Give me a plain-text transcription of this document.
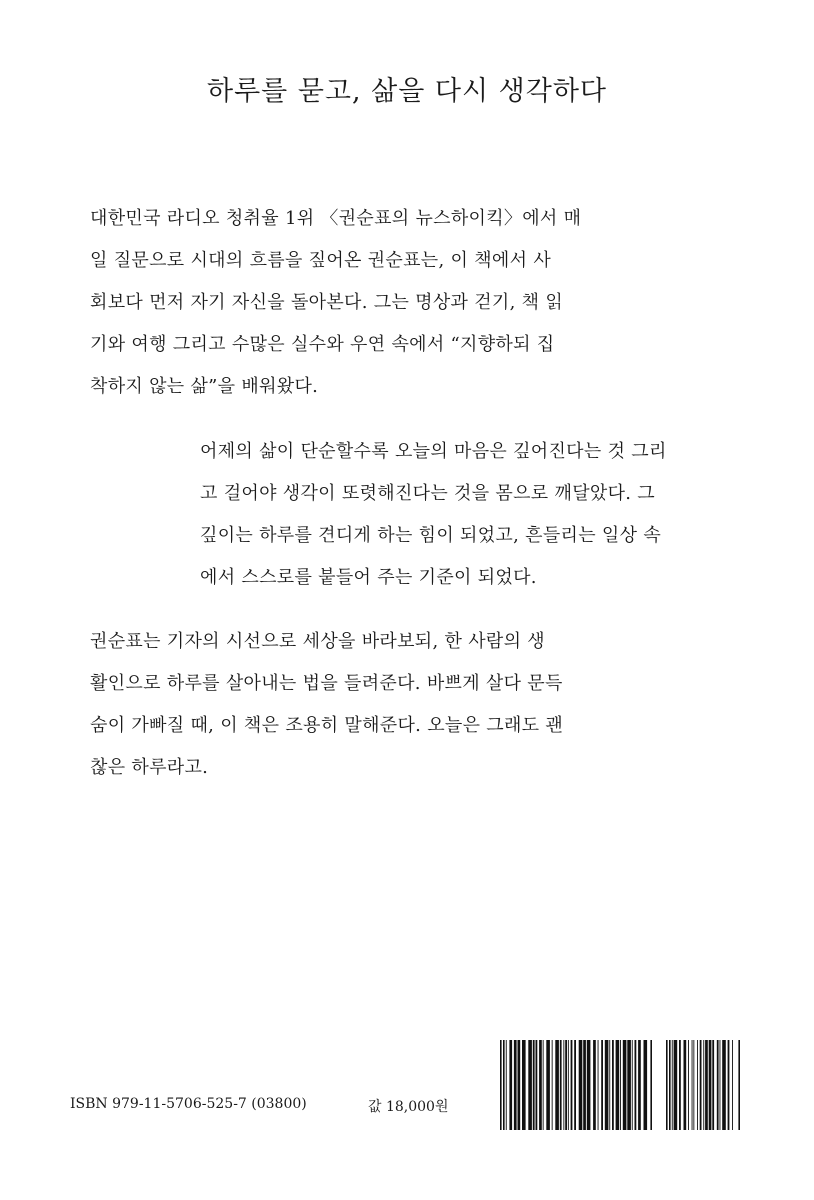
하루를 묻고, 삶을 다시 생각하다
대한민국 라디오 청취율 1위 〈권순표의 뉴스하이킥〉에서 매
일 질문으로 시대의 흐름을 짚어온 권순표는, 이 책에서 사
회보다 먼저 자기 자신을 돌아본다. 그는 명상과 걷기, 책 읽
기와 여행 그리고 수많은 실수와 우연 속에서 “지향하되 집
착하지 않는 삶”을 배워왔다.
어제의 삶이 단순할수록 오늘의 마음은 깊어진다는 것 그리
고 걸어야 생각이 또렷해진다는 것을 몸으로 깨달았다. 그
깊이는 하루를 견디게 하는 힘이 되었고, 흔들리는 일상 속
에서 스스로를 붙들어 주는 기준이 되었다.
권순표는 기자의 시선으로 세상을 바라보되, 한 사람의 생
활인으로 하루를 살아내는 법을 들려준다. 바쁘게 살다 문득
숨이 가빠질 때, 이 책은 조용히 말해준다. 오늘은 그래도 괜
찮은 하루라고.
ISBN 979-11-5706-525-7 (03800)	값 18,000원
